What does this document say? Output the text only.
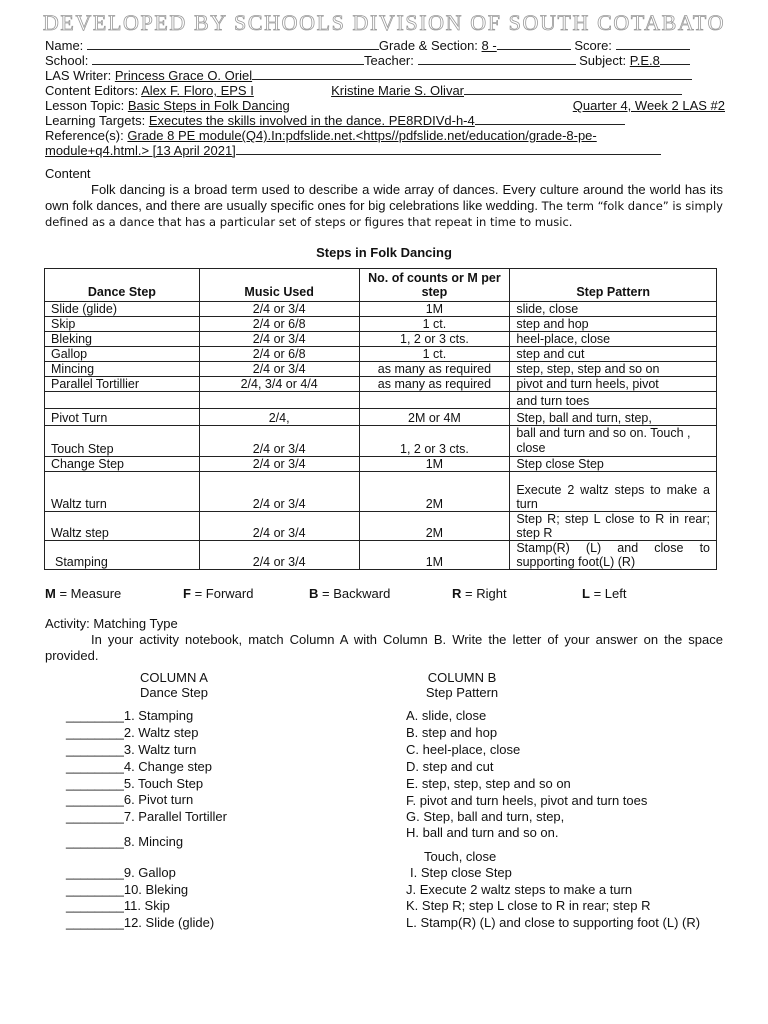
DEVELOPED BY SCHOOLS DIVISION OF SOUTH COTABATO
Name:	Grade & Section: 8 -	Score:
School:	Teacher:	Subject: P.E.8
LAS Writer: Princess Grace O. Oriel
Content Editors: Alex F. Floro, EPS I	Kristine Marie S. Olivar
Lesson Topic: Basic Steps in Folk Dancing	Quarter 4, Week 2 LAS #2
Learning Targets: Executes the skills involved in the dance. PE8RDIVd-h-4
Reference(s): Grade 8 PE module(Q4).In:pdfslide.net.<https//pdfslide.net/education/grade-8-pe-
module+q4.html.> [13 April 2021]
Content
Folk dancing is a broad term used to describe a wide array of dances. Every culture around the world has its own folk dances, and there are usually specific ones for big celebrations like wedding. The term “folk dance” is simply defined as a dance that has a particular set of steps or figures that repeat in time to music.
Steps in Folk Dancing
Dance Step	Music Used	No. of counts or M per step	Step Pattern
Slide (glide)	2/4 or 3/4	1M	slide, close
Skip	2/4 or 6/8	1 ct.	step and hop
Bleking	2/4 or 3/4	1, 2 or 3 cts.	heel-place, close
Gallop	2/4 or 6/8	1 ct.	step and cut
Mincing	2/4 or 3/4	as many as required	step, step, step and so on
Parallel Tortillier	2/4, 3/4 or 4/4	as many as required	pivot and turn heels, pivot
			and turn toes
Pivot Turn	2/4,	2M or 4M	Step, ball and turn, step,
Touch Step	2/4 or 3/4	1, 2 or 3 cts.	ball and turn and so on. Touch , close
Change Step	2/4 or 3/4	1M	Step close Step
Waltz turn	2/4 or 3/4	2M	Execute 2 waltz steps to make a turn
Waltz step	2/4 or 3/4	2M	Step R; step L close to R in rear; step R
Stamping	2/4 or 3/4	1M	Stamp(R) (L) and close to supporting foot(L) (R)
M = Measure	F = Forward	B = Backward	R = Right	L = Left
Activity: Matching Type
In your activity notebook, match Column A with Column B. Write the letter of your answer on the space provided.
COLUMN A
Dance Step
COLUMN B
Step Pattern
________1. Stamping
________2. Waltz step
________3. Waltz turn
________4. Change step
________5. Touch Step
________6. Pivot turn
________7. Parallel Tortiller
________8. Mincing
________9. Gallop
________10. Bleking
________11. Skip
________12. Slide (glide)
A. slide, close
B. step and hop
C. heel-place, close
D. step and cut
E. step, step, step and so on
F. pivot and turn heels, pivot and turn toes
G. Step, ball and turn, step,
H. ball and turn and so on.
Touch, close
I. Step close Step
J. Execute 2 waltz steps to make a turn
K. Step R; step L close to R in rear; step R
L. Stamp(R) (L) and close to supporting foot (L) (R)
